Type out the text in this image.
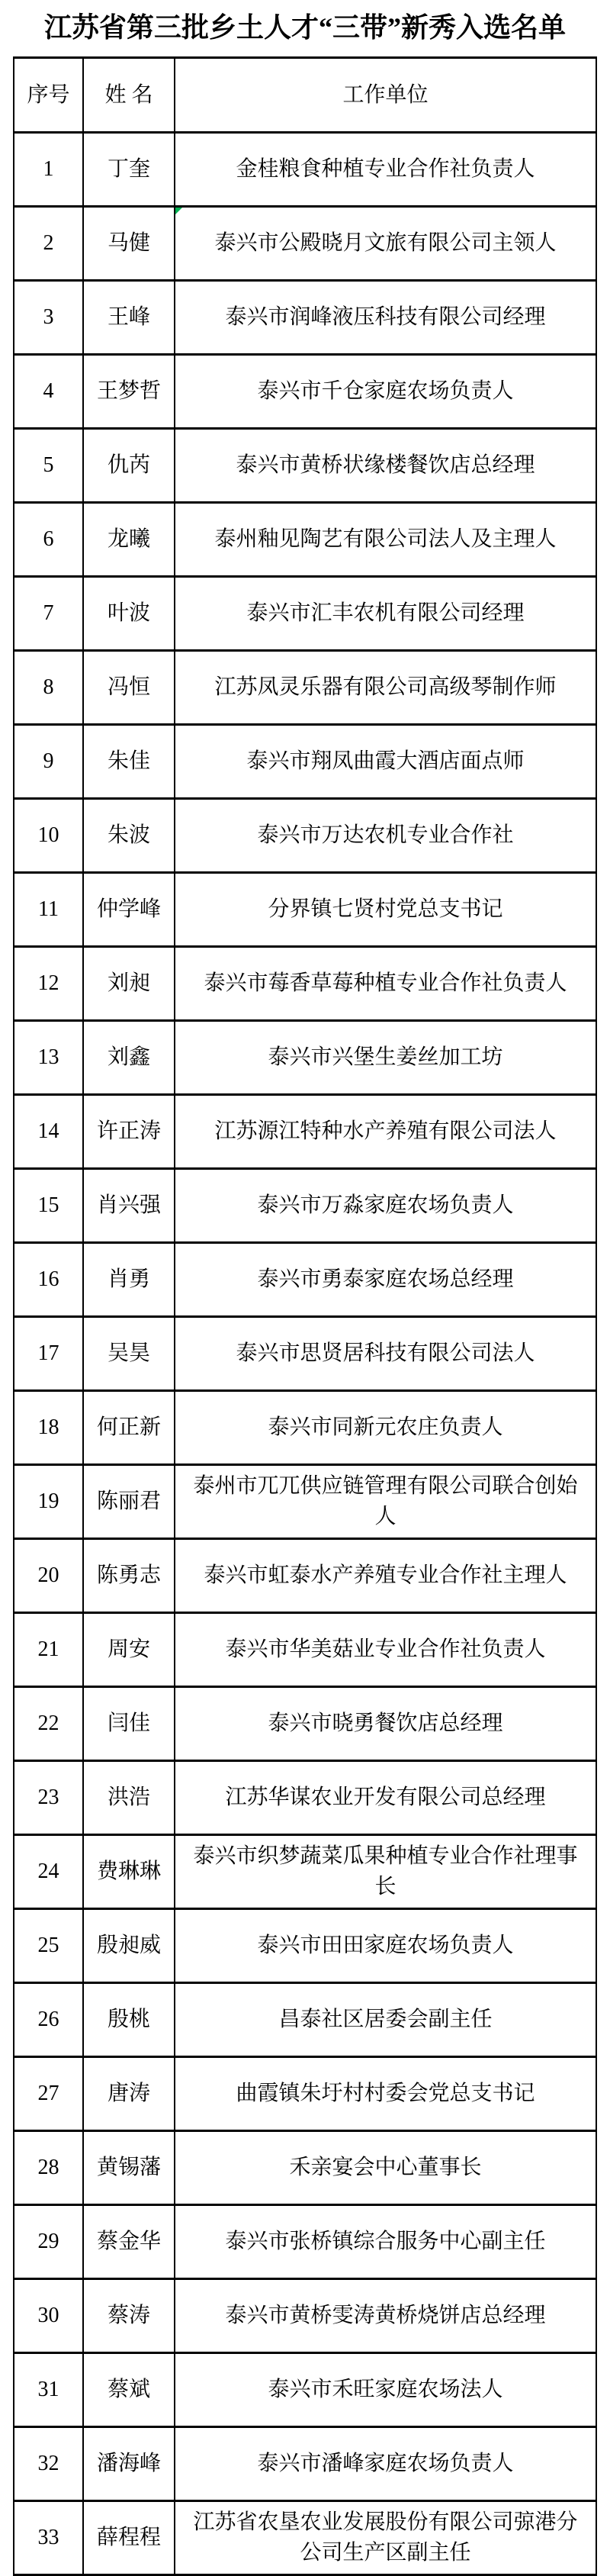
江苏省第三批乡土人才“三带”新秀入选名单
序号	姓 名	工作单位
1	丁奎	金桂粮食种植专业合作社负责人
2	马健	泰兴市公殿晓月文旅有限公司主领人
3	王峰	泰兴市润峰液压科技有限公司经理
4	王梦哲	泰兴市千仓家庭农场负责人
5	仇芮	泰兴市黄桥状缘楼餐饮店总经理
6	龙曦	泰州釉见陶艺有限公司法人及主理人
7	叶波	泰兴市汇丰农机有限公司经理
8	冯恒	江苏凤灵乐器有限公司高级琴制作师
9	朱佳	泰兴市翔凤曲霞大酒店面点师
10	朱波	泰兴市万达农机专业合作社
11	仲学峰	分界镇七贤村党总支书记
12	刘昶	泰兴市莓香草莓种植专业合作社负责人
13	刘鑫	泰兴市兴堡生姜丝加工坊
14	许正涛	江苏源江特种水产养殖有限公司法人
15	肖兴强	泰兴市万淼家庭农场负责人
16	肖勇	泰兴市勇泰家庭农场总经理
17	吴昊	泰兴市思贤居科技有限公司法人
18	何正新	泰兴市同新元农庄负责人
19	陈丽君	泰州市兀兀供应链管理有限公司联合创始人
20	陈勇志	泰兴市虹泰水产养殖专业合作社主理人
21	周安	泰兴市华美菇业专业合作社负责人
22	闫佳	泰兴市晓勇餐饮店总经理
23	洪浩	江苏华谋农业开发有限公司总经理
24	费琳琳	泰兴市织梦蔬菜瓜果种植专业合作社理事长
25	殷昶威	泰兴市田田家庭农场负责人
26	殷桃	昌泰社区居委会副主任
27	唐涛	曲霞镇朱圩村村委会党总支书记
28	黄锡藩	禾亲宴会中心董事长
29	蔡金华	泰兴市张桥镇综合服务中心副主任
30	蔡涛	泰兴市黄桥雯涛黄桥烧饼店总经理
31	蔡斌	泰兴市禾旺家庭农场法人
32	潘海峰	泰兴市潘峰家庭农场负责人
33	薛程程	江苏省农垦农业发展股份有限公司弶港分公司生产区副主任
